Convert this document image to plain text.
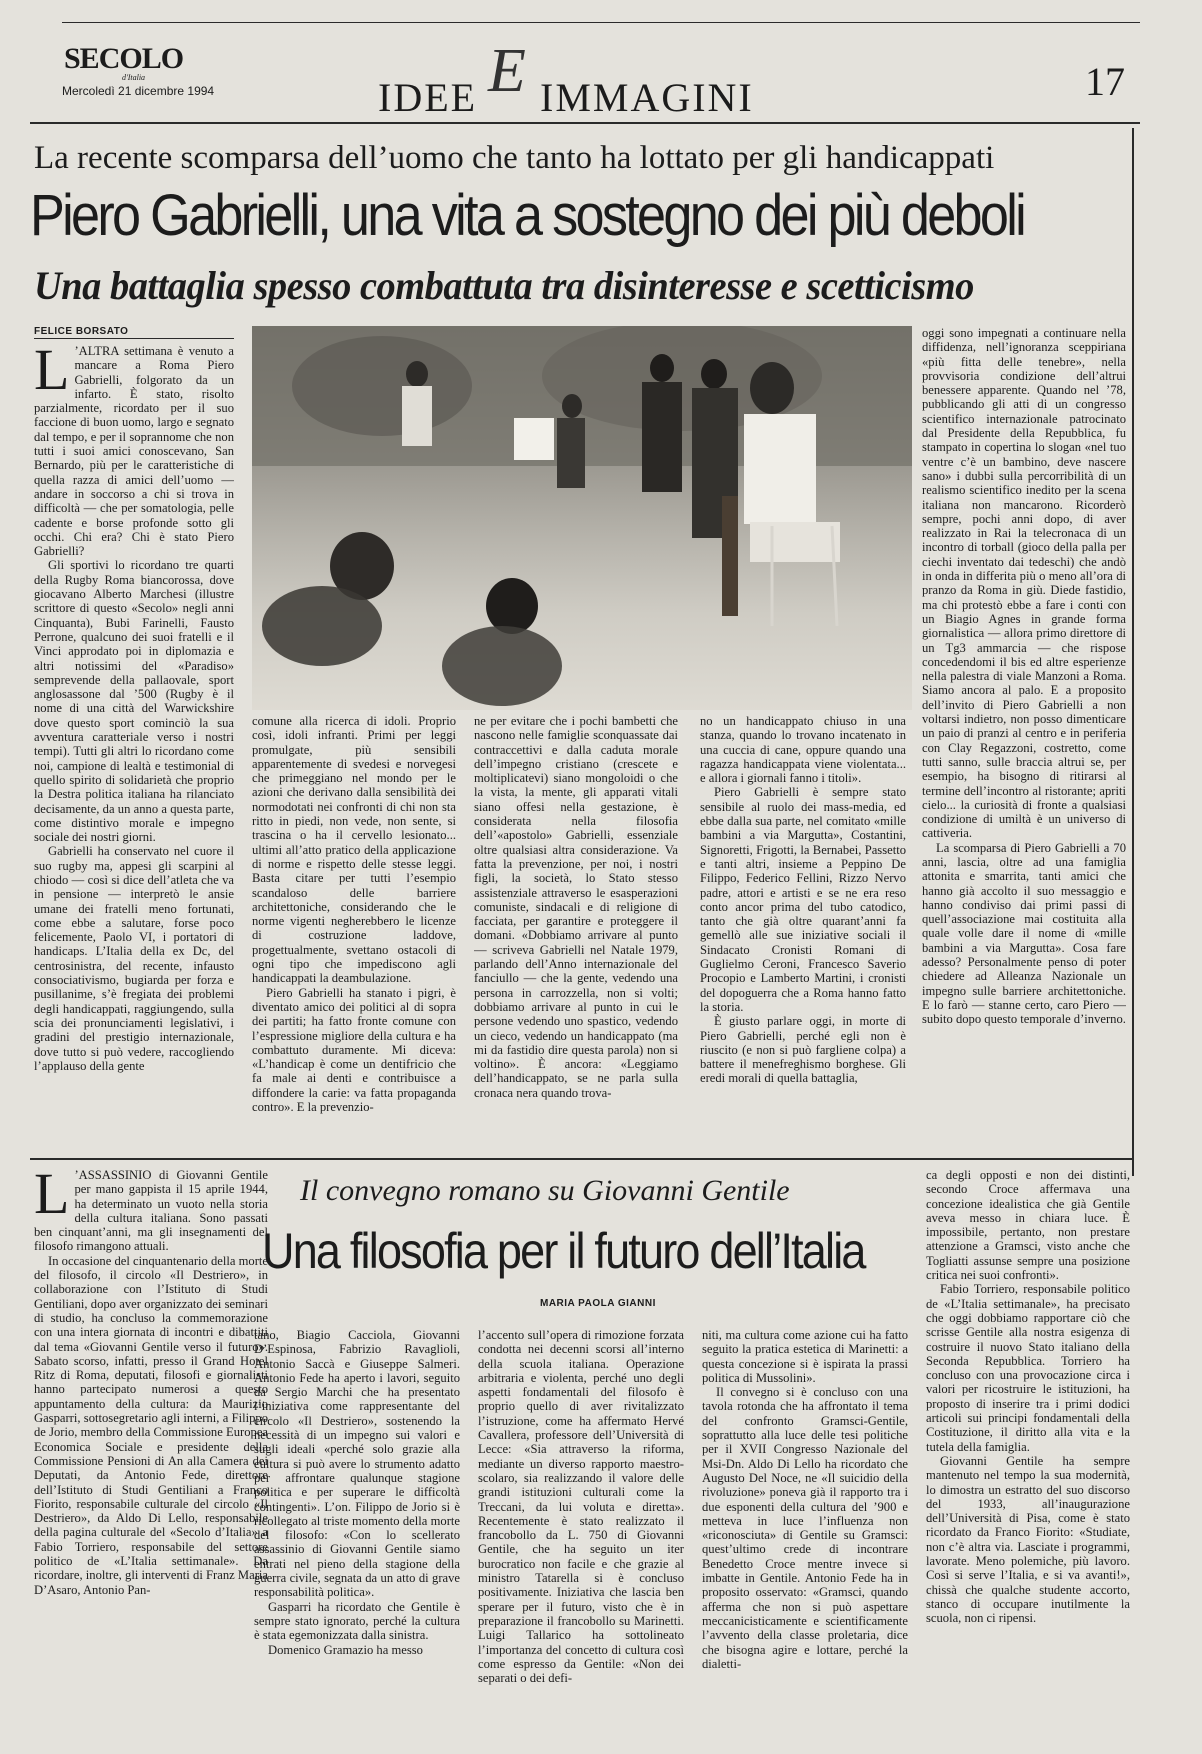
SECOLO
d'Italia
Mercoledì 21 dicembre 1994	IDEE E IMMAGINI	17
La recente scomparsa dell’uomo che tanto ha lottato per gli handicappati
Piero Gabrielli, una vita a sostegno dei più deboli
Una battaglia spesso combattuta tra disinteresse e scetticismo
FELICE BORSATO

L ’ALTRA settimana è venuto a mancare a Roma Piero Gabrielli, folgorato da un infarto. È stato, risolto parzialmente, ricordato per il suo faccione di buon uomo, largo e segnato dal tempo, e per il soprannome che non tutti i suoi amici conoscevano, San Bernardo, più per le caratteristiche di quella razza di amici dell’uomo — andare in soccorso a chi si trova in difficoltà — che per somatologia, pelle cadente e borse profonde sotto gli occhi. Chi era? Chi è stato Piero Gabrielli?

Gli sportivi lo ricordano tre quarti della Rugby Roma biancorossa, dove giocavano Alberto Marchesi (illustre scrittore di questo «Secolo» negli anni Cinquanta), Bubi Farinelli, Fausto Perrone, qualcuno dei suoi fratelli e il Vinci approdato poi in diplomazia e altri notissimi del «Paradiso» semprevende della pallaovale, sport anglosassone dal ’500 (Rugby è il nome di una città del Warwickshire dove questo sport cominciò la sua avventura caratteriale verso i nostri tempi). Tutti gli altri lo ricordano come noi, campione di lealtà e testimonial di quello spirito di solidarietà che proprio la Destra politica italiana ha rilanciato decisamente, da un anno a questa parte, come distintivo morale e impegno sociale dei nostri giorni.

Gabrielli ha conservato nel cuore il suo rugby ma, appesi gli scarpini al chiodo — così si dice dell’atleta che va in pensione — interpretò le ansie umane dei fratelli meno fortunati, come ebbe a salutare, forse poco felicemente, Paolo VI, i portatori di handicaps. L’Italia della ex Dc, del centrosinistra, del recente, infausto consociativismo, bugiarda per forza e pusillanime, s’è fregiata dei problemi degli handicappati, raggiungendo, sulla scia dei pronunciamenti legislativi, i gradini del prestigio internazionale, dove tutto si può vedere, raccogliendo l’applauso della gente

comune alla ricerca di idoli. Proprio così, idoli infranti. Primi per leggi promulgate, più sensibili apparentemente di svedesi e norvegesi che primeggiano nel mondo per le azioni che derivano dalla sensibilità dei normodotati nei confronti di chi non sta ritto in piedi, non vede, non sente, si trascina o ha il cervello lesionato... ultimi all’atto pratico della applicazione di norme e rispetto delle stesse leggi. Basta citare per tutti l’esempio scandaloso delle barriere architettoniche, considerando che le norme vigenti negherebbero le licenze di costruzione laddove, progettualmente, svettano ostacoli di ogni tipo che impediscono agli handicappati la deambulazione.

Piero Gabrielli ha stanato i pigri, è diventato amico dei politici al di sopra dei partiti; ha fatto fronte comune con l’espressione migliore della cultura e ha combattuto duramente. Mi diceva: «L’handicap è come un dentifricio che fa male ai denti e contribuisce a diffondere la carie: va fatta propaganda contro». E la prevenzio-

ne per evitare che i pochi bambetti che nascono nelle famiglie sconquassate dai contraccettivi e dalla caduta morale dell’impegno cristiano (crescete e moltiplicatevi) siano mongoloidi o che la vista, la mente, gli apparati vitali siano offesi nella gestazione, è considerata nella filosofia dell’«apostolo» Gabrielli, essenziale oltre qualsiasi altra considerazione. Va fatta la prevenzione, per noi, i nostri figli, la società, lo Stato stesso assistenziale attraverso le esasperazioni comuniste, sindacali e di religione di facciata, per garantire e proteggere il domani. «Dobbiamo arrivare al punto — scriveva Gabrielli nel Natale 1979, parlando dell’Anno internazionale del fanciullo — che la gente, vedendo una persona in carrozzella, non si volti; dobbiamo arrivare al punto in cui le persone vedendo uno spastico, vedendo un cieco, vedendo un handicappato (ma mi da fastidio dire questa parola) non si voltino». È ancora: «Leggiamo dell’handicappato, se ne parla sulla cronaca nera quando trova-

no un handicappato chiuso in una stanza, quando lo trovano incatenato in una cuccia di cane, oppure quando una ragazza handicappata viene violentata... e allora i giornali fanno i titoli».

Piero Gabrielli è sempre stato sensibile al ruolo dei mass-media, ed ebbe dalla sua parte, nel comitato «mille bambini a via Margutta», Costantini, Signoretti, Frigotti, la Bernabei, Passetto e tanti altri, insieme a Peppino De Filippo, Federico Fellini, Rizzo Nervo padre, attori e artisti e se ne era reso conto ancor prima del tubo catodico, tanto che già oltre quarant’anni fa gemellò alle sue iniziative sociali il Sindacato Cronisti Romani di Guglielmo Ceroni, Francesco Saverio Procopio e Lamberto Martini, i cronisti del dopoguerra che a Roma hanno fatto la storia.

È giusto parlare oggi, in morte di Piero Gabrielli, perché egli non è riuscito (e non si può fargliene colpa) a battere il menefreghismo borghese. Gli eredi morali di quella battaglia,

oggi sono impegnati a continuare nella diffidenza, nell’ignoranza sceppiriana «più fitta delle tenebre», nella provvisoria condizione dell’altrui benessere apparente. Quando nel ’78, pubblicando gli atti di un congresso scientifico internazionale patrocinato dal Presidente della Repubblica, fu stampato in copertina lo slogan «nel tuo ventre c’è un bambino, deve nascere sano» i dubbi sulla percorribilità di un realismo scientifico inedito per la scena italiana non mancarono. Ricorderò sempre, pochi anni dopo, di aver realizzato in Rai la telecronaca di un incontro di torball (gioco della palla per ciechi inventato dai tedeschi) che andò in onda in differita più o meno all’ora di pranzo da Roma in giù. Diede fastidio, ma chi protestò ebbe a fare i conti con un Biagio Agnes in grande forma giornalistica — allora primo direttore di un Tg3 ammarcia — che rispose concedendomi il bis ed altre esperienze nella palestra di viale Manzoni a Roma. Siamo ancora al palo. E a proposito dell’invito di Piero Gabrielli a non voltarsi indietro, non posso dimenticare un paio di pranzi al centro e in periferia con Clay Regazzoni, costretto, come tutti sanno, sulle braccia altrui se, per esempio, ha bisogno di ritirarsi al termine dell’incontro al ristorante; apriti cielo... la curiosità di fronte a qualsiasi condizione di umiltà è un universo di cattiveria.

La scomparsa di Piero Gabrielli a 70 anni, lascia, oltre ad una famiglia attonita e smarrita, tanti amici che hanno già accolto il suo messaggio e hanno condiviso dai primi passi di quell’associazione mai costituita alla quale volle dare il nome di «mille bambini a via Margutta». Cosa fare adesso? Personalmente penso di poter chiedere ad Alleanza Nazionale un impegno sulle barriere architettoniche. E lo farò — stanne certo, caro Piero — subito dopo questo temporale d’inverno.

L ’ASSASSINIO di Giovanni Gentile per mano gappista il 15 aprile 1944, ha determinato un vuoto nella storia della cultura italiana. Sono passati ben cinquant’anni, ma gli insegnamenti del filosofo rimangono attuali.

In occasione del cinquantenario della morte del filosofo, il circolo «Il Destriero», in collaborazione con l’Istituto di Studi Gentiliani, dopo aver organizzato dei seminari di studio, ha concluso la commemorazione con una intera giornata di incontri e dibattiti dal tema «Giovanni Gentile verso il futuro». Sabato scorso, infatti, presso il Grand Hotel Ritz di Roma, deputati, filosofi e giornalisti hanno partecipato numerosi a questo appuntamento della cultura: da Maurizio Gasparri, sottosegretario agli interni, a Filippo de Jorio, membro della Commissione Europea Economica Sociale e presidente della Commissione Pensioni di An alla Camera dei Deputati, da Antonio Fede, direttore dell’Istituto di Studi Gentiliani a Franco Fiorito, responsabile culturale del circolo «Il Destriero», da Aldo Di Lello, responsabile della pagina culturale del «Secolo d’Italia» a Fabio Torriero, responsabile del settore politico de «L’Italia settimanale». Da ricordare, inoltre, gli interventi di Franz Maria D’Asaro, Antonio Pan-

Il convegno romano su Giovanni Gentile
Una filosofia per il futuro dell’Italia
MARIA PAOLA GIANNI

tano, Biagio Cacciola, Giovanni D’Espinosa, Fabrizio Ravaglioli, Antonio Saccà e Giuseppe Salmeri. Antonio Fede ha aperto i lavori, seguito da Sergio Marchi che ha presentato l’iniziativa come rappresentante del circolo «Il Destriero», sostenendo la necessità di un impegno sui valori e sugli ideali «perché solo grazie alla cultura si può avere lo strumento adatto per affrontare qualunque stagione politica e per superare le difficoltà contingenti». L’on. Filippo de Jorio si è ricollegato al triste momento della morte del filosofo: «Con lo scellerato assassinio di Giovanni Gentile siamo entrati nel pieno della stagione della guerra civile, segnata da un atto di grave responsabilità politica».

Gasparri ha ricordato che Gentile è sempre stato ignorato, perché la cultura è stata egemonizzata dalla sinistra.

Domenico Gramazio ha messo

l’accento sull’opera di rimozione forzata condotta nei decenni scorsi all’interno della scuola italiana. Operazione arbitraria e violenta, perché uno degli aspetti fondamentali del filosofo è proprio quello di aver rivitalizzato l’istruzione, come ha affermato Hervé Cavallera, professore dell’Università di Lecce: «Sia attraverso la riforma, mediante un diverso rapporto maestro-scolaro, sia realizzando il valore delle grandi istituzioni culturali come la Treccani, da lui voluta e diretta». Recentemente è stato realizzato il francobollo da L. 750 di Giovanni Gentile, che ha seguito un iter burocratico non facile e che grazie al ministro Tatarella si è concluso positivamente. Iniziativa che lascia ben sperare per il futuro, visto che è in preparazione il francobollo su Marinetti. Luigi Tallarico ha sottolineato l’importanza del concetto di cultura così come espresso da Gentile: «Non dei separati o dei defi-

niti, ma cultura come azione cui ha fatto seguito la pratica estetica di Marinetti: a questa concezione si è ispirata la prassi politica di Mussolini».

Il convegno si è concluso con una tavola rotonda che ha affrontato il tema del confronto Gramsci-Gentile, soprattutto alla luce delle tesi politiche per il XVII Congresso Nazionale del Msi-Dn. Aldo Di Lello ha ricordato che Augusto Del Noce, ne «Il suicidio della rivoluzione» poneva già il rapporto tra i due esponenti della cultura del ’900 e metteva in luce l’influenza non «riconosciuta» di Gentile su Gramsci: quest’ultimo crede di incontrare Benedetto Croce mentre invece si imbatte in Gentile. Antonio Fede ha in proposito osservato: «Gramsci, quando afferma che non si può aspettare meccanicisticamente e scientificamente l’avvento della classe proletaria, dice che bisogna agire e lottare, perché la dialetti-

ca degli opposti e non dei distinti, secondo Croce affermava una concezione idealistica che già Gentile aveva messo in chiara luce. È impossibile, pertanto, non prestare attenzione a Gramsci, visto anche che Togliatti assunse sempre una posizione critica nei suoi confronti».

Fabio Torriero, responsabile politico de «L’Italia settimanale», ha precisato che oggi dobbiamo rapportare ciò che scrisse Gentile alla nostra esigenza di costruire il nuovo Stato italiano della Seconda Repubblica. Torriero ha concluso con una provocazione circa i valori per ricostruire le istituzioni, ha proposto di inserire tra i primi dodici articoli sui principi fondamentali della Costituzione, il diritto alla vita e la tutela della famiglia.

Giovanni Gentile ha sempre mantenuto nel tempo la sua modernità, lo dimostra un estratto del suo discorso del 1933, all’inaugurazione dell’Università di Pisa, come è stato ricordato da Franco Fiorito: «Studiate, non c’è altra via. Lasciate i programmi, lavorate. Meno polemiche, più lavoro. Così si serve l’Italia, e si va avanti!», chissà che qualche studente accorto, stanco di occupare inutilmente la scuola, non ci ripensi.
